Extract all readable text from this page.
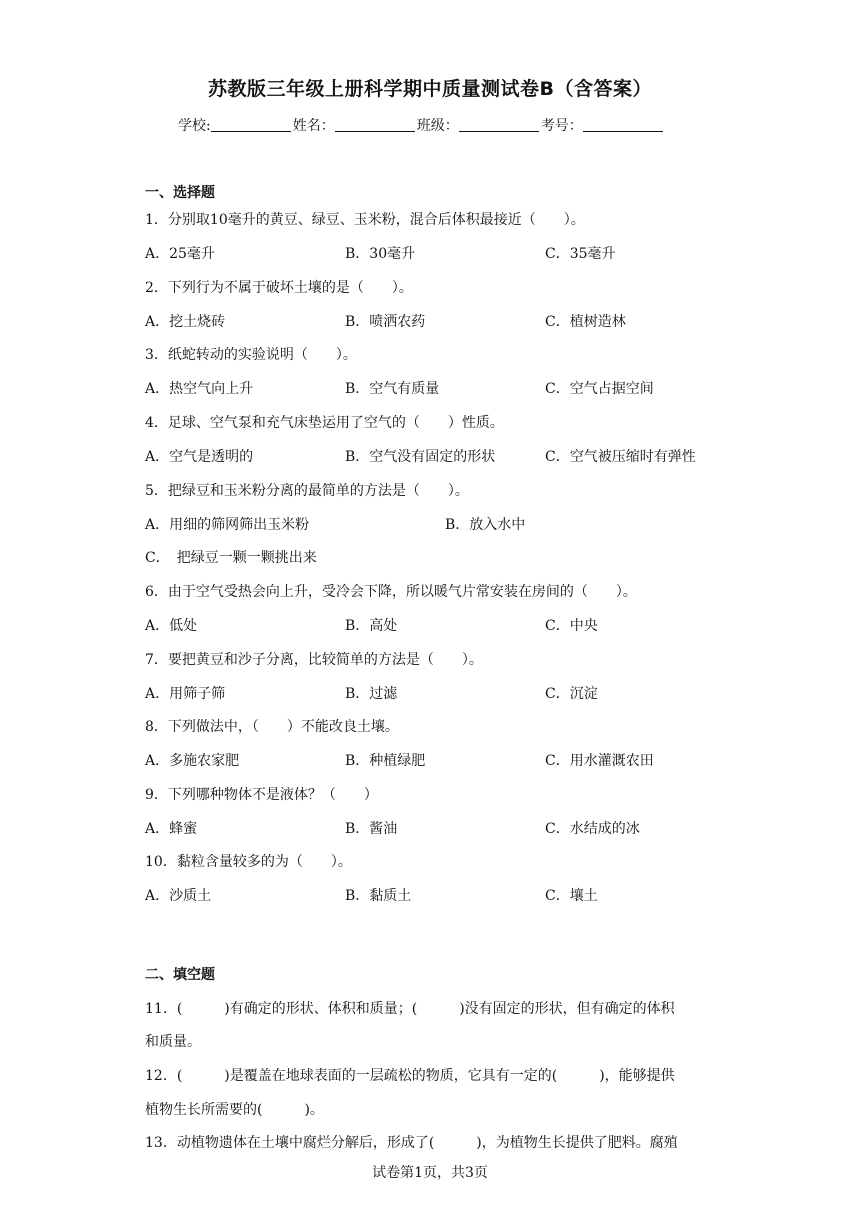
苏教版三年级上册科学期中质量测试卷B（含答案）
学校:	姓名：	班级：	考号：
一、选择题
1．分别取10毫升的黄豆、绿豆、玉米粉，混合后体积最接近（　　）。
A．25毫升	B．30毫升	C．35毫升
2．下列行为不属于破坏土壤的是（　　）。
A．挖土烧砖	B．喷洒农药	C．植树造林
3．纸蛇转动的实验说明（　　）。
A．热空气向上升	B．空气有质量	C．空气占据空间
4．足球、空气泵和充气床垫运用了空气的（　　）性质。
A．空气是透明的	B．空气没有固定的形状	C．空气被压缩时有弹性
5．把绿豆和玉米粉分离的最简单的方法是（　　）。
A．用细的筛网筛出玉米粉	B．放入水中
C．　把绿豆一颗一颗挑出来
6．由于空气受热会向上升，受冷会下降，所以暖气片常安装在房间的（　　）。
A．低处	B．高处	C．中央
7．要把黄豆和沙子分离，比较简单的方法是（　　）。
A．用筛子筛	B．过滤	C．沉淀
8．下列做法中，（　　）不能改良土壤。
A．多施农家肥	B．种植绿肥	C．用水灌溉农田
9．下列哪种物体不是液体？（　　）
A．蜂蜜	B．酱油	C．水结成的冰
10．黏粒含量较多的为（　　）。
A．沙质土	B．黏质土	C．壤土
二、填空题
11．(　　　)有确定的形状、体积和质量；(　　　)没有固定的形状，但有确定的体积
和质量。
12．(　　　)是覆盖在地球表面的一层疏松的物质，它具有一定的(　　　)，能够提供
植物生长所需要的(　　　)。
13．动植物遗体在土壤中腐烂分解后，形成了(　　　)，为植物生长提供了肥料。腐殖
试卷第1页，共3页
